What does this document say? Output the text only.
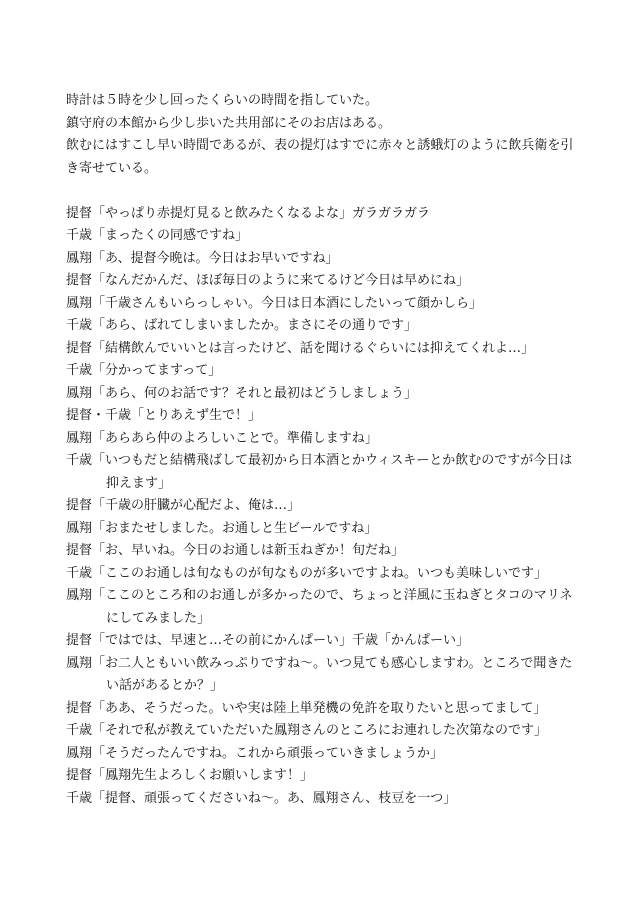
時計は５時を少し回ったくらいの時間を指していた。
鎮守府の本館から少し歩いた共用部にそのお店はある。
飲むにはすこし早い時間であるが、表の提灯はすでに赤々と誘蛾灯のように飲兵衛を引き寄せている。
提督「やっぱり赤提灯見ると飲みたくなるよな」ガラガラガラ
千歳「まったくの同感ですね」
鳳翔「あ、提督今晩は。今日はお早いですね」
提督「なんだかんだ、ほぼ毎日のように来てるけど今日は早めにね」
鳳翔「千歳さんもいらっしゃい。今日は日本酒にしたいって顔かしら」
千歳「あら、ばれてしまいましたか。まさにその通りです」
提督「結構飲んでいいとは言ったけど、話を聞けるぐらいには抑えてくれよ…」
千歳「分かってますって」
鳳翔「あら、何のお話です？それと最初はどうしましょう」
提督・千歳「とりあえず生で！」
鳳翔「あらあら仲のよろしいことで。準備しますね」
千歳「いつもだと結構飛ばして最初から日本酒とかウィスキーとか飲むのですが今日は抑えます」
提督「千歳の肝臓が心配だよ、俺は…」
鳳翔「おまたせしました。お通しと生ビールですね」
提督「お、早いね。今日のお通しは新玉ねぎか！旬だね」
千歳「ここのお通しは旬なものが旬なものが多いですよね。いつも美味しいです」
鳳翔「ここのところ和のお通しが多かったので、ちょっと洋風に玉ねぎとタコのマリネにしてみました」
提督「ではでは、早速と…その前にかんぱーい」千歳「かんぱーい」
鳳翔「お二人ともいい飲みっぷりですね〜。いつ見ても感心しますわ。ところで聞きたい話があるとか？」
提督「ああ、そうだった。いや実は陸上単発機の免許を取りたいと思ってまして」
千歳「それで私が教えていただいた鳳翔さんのところにお連れした次第なのです」
鳳翔「そうだったんですね。これから頑張っていきましょうか」
提督「鳳翔先生よろしくお願いします！」
千歳「提督、頑張ってくださいね〜。あ、鳳翔さん、枝豆を一つ」
